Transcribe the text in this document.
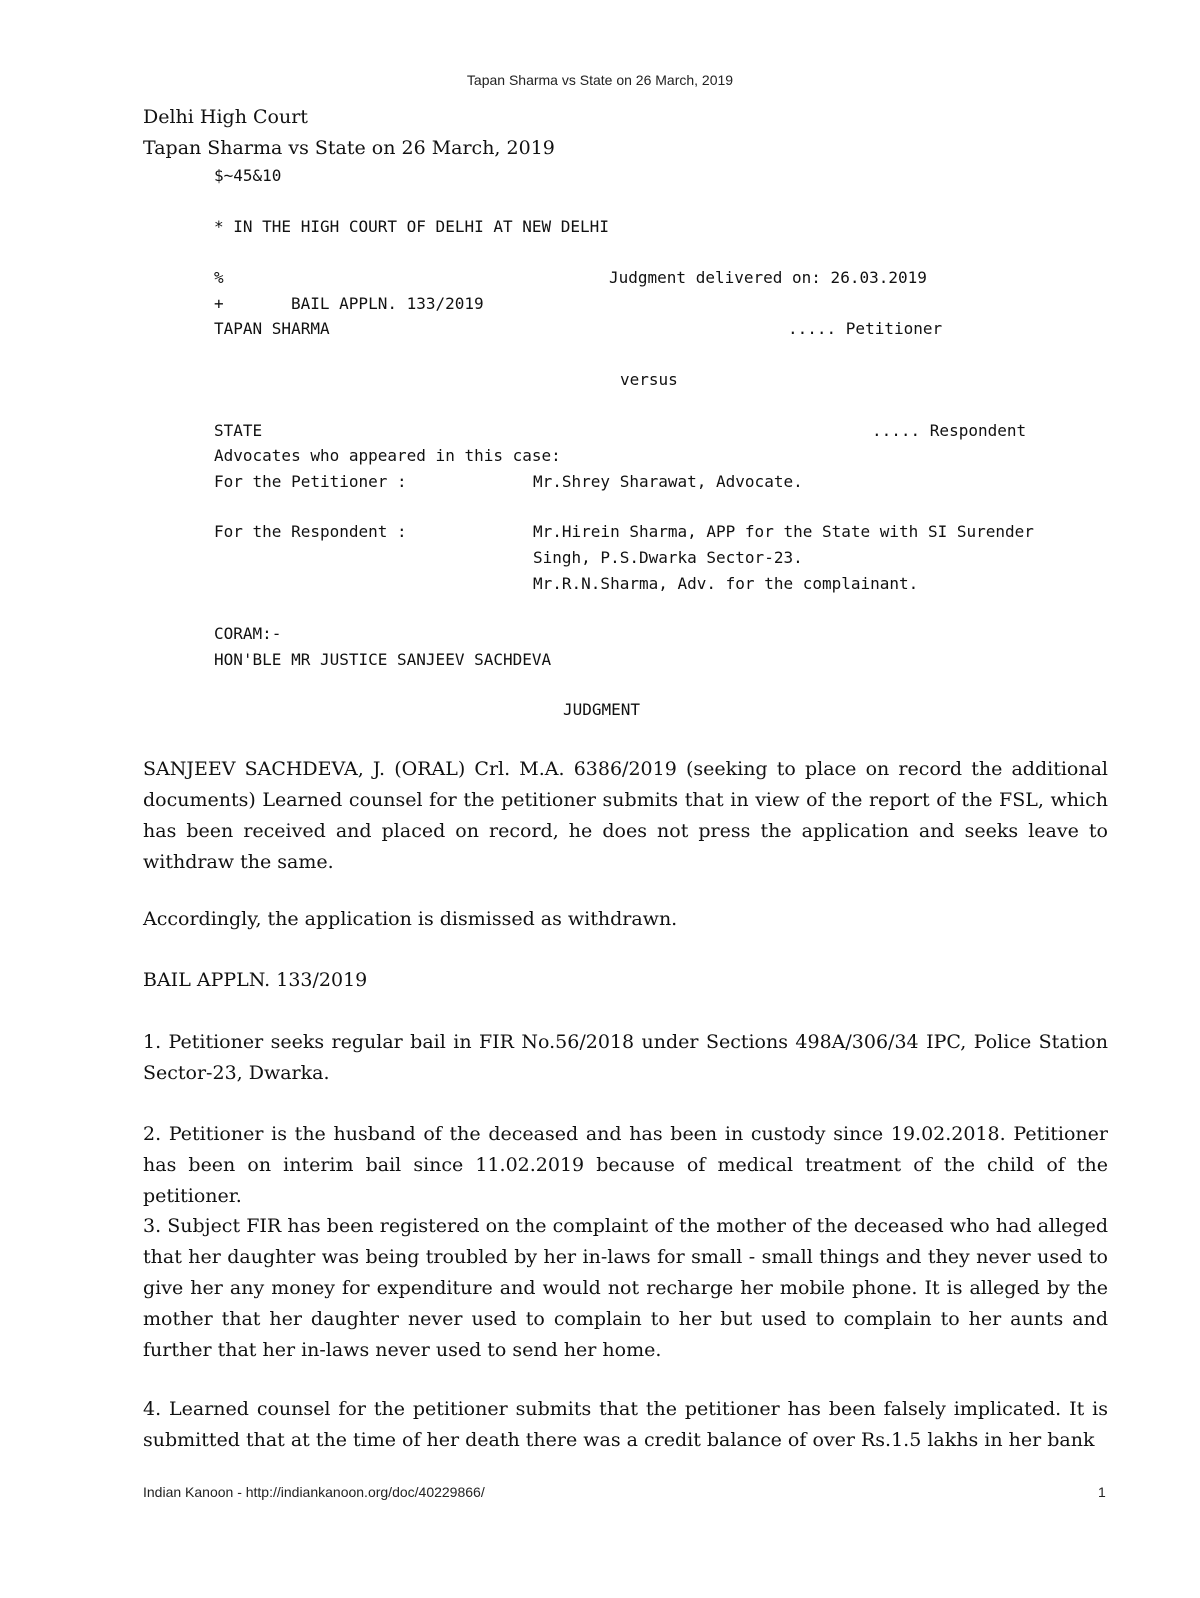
Tapan Sharma vs State on 26 March, 2019
Delhi High Court
Tapan Sharma vs State on 26 March, 2019
$~45&10
* IN THE HIGH COURT OF DELHI AT NEW DELHI
%	Judgment delivered on: 26.03.2019
+	BAIL APPLN. 133/2019
TAPAN SHARMA	..... Petitioner
versus
STATE	..... Respondent
Advocates who appeared in this case:
For the Petitioner :	Mr.Shrey Sharawat, Advocate.
For the Respondent :	Mr.Hirein Sharma, APP for the State with SI Surender
Singh, P.S.Dwarka Sector-23.
Mr.R.N.Sharma, Adv. for the complainant.
CORAM:-
HON'BLE MR JUSTICE SANJEEV SACHDEVA
JUDGMENT
SANJEEV SACHDEVA, J. (ORAL) Crl. M.A. 6386/2019 (seeking to place on record the additional documents) Learned counsel for the petitioner submits that in view of the report of the FSL, which has been received and placed on record, he does not press the application and seeks leave to withdraw the same.
Accordingly, the application is dismissed as withdrawn.
BAIL APPLN. 133/2019
1. Petitioner seeks regular bail in FIR No.56/2018 under Sections 498A/306/34 IPC, Police Station Sector-23, Dwarka.
2. Petitioner is the husband of the deceased and has been in custody since 19.02.2018. Petitioner has been on interim bail since 11.02.2019 because of medical treatment of the child of the petitioner.
3. Subject FIR has been registered on the complaint of the mother of the deceased who had alleged that her daughter was being troubled by her in-laws for small - small things and they never used to give her any money for expenditure and would not recharge her mobile phone. It is alleged by the mother that her daughter never used to complain to her but used to complain to her aunts and further that her in-laws never used to send her home.
4. Learned counsel for the petitioner submits that the petitioner has been falsely implicated. It is submitted that at the time of her death there was a credit balance of over Rs.1.5 lakhs in her bank
Indian Kanoon - http://indiankanoon.org/doc/40229866/	1
